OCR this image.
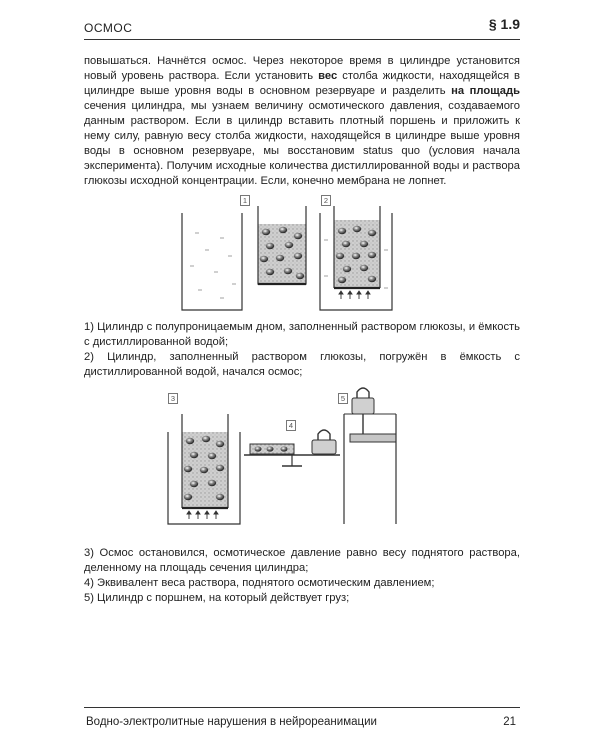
ОСМОС	§ 1.9

повышаться. Начнётся осмос. Через некоторое время в цилиндре установится новый уровень раствора. Если установить вес столба жидкости, находящейся в цилиндре выше уровня воды в основном резервуаре и разделить на площадь сечения цилиндра, мы узнаем величину осмотического давления, создаваемого данным раствором. Если в цилиндр вставить плотный поршень и приложить к нему силу, равную весу столба жидкости, находящейся в цилиндре выше уровня воды в основном резервуаре, мы восстановим status quo (условия начала эксперимента). Получим исходные количества дистиллированной воды и раствора глюкозы исходной концентрации. Если, конечно мембрана не лопнет.

1	2
3
4
5

1) Цилиндр с полупроницаемым дном, заполненный раствором глюкозы, и ёмкость с дистиллированной водой;

2) Цилиндр, заполненный раствором глюкозы, погружён в ёмкость с дистиллированной водой, начался осмос;

3) Осмос остановился, осмотическое давление равно весу поднятого раствора, деленному на площадь сечения цилиндра;

4) Эквивалент веса раствора, поднятого осмотическим давлением;

5) Цилиндр с поршнем, на который действует груз;

Водно-электролитные нарушения в нейрореанимации	21
